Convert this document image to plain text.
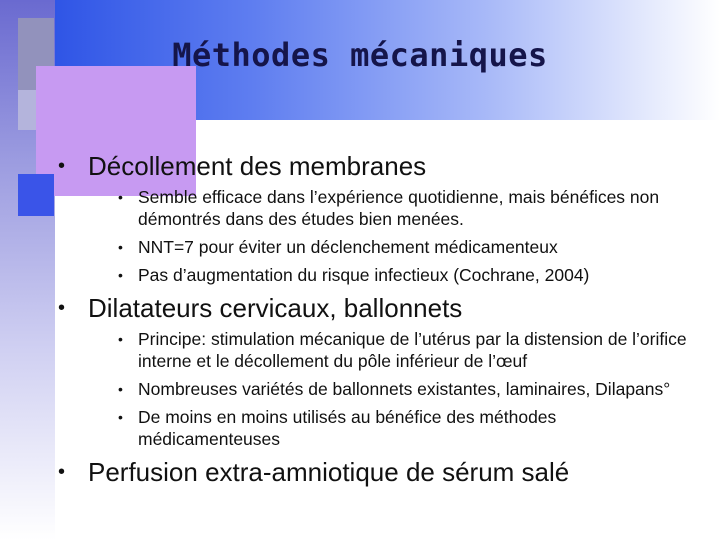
Méthodes mécaniques
• Décollement des membranes
• Semble efficace dans l’expérience quotidienne, mais bénéfices non démontrés dans des études bien menées.
• NNT=7 pour éviter un déclenchement médicamenteux
• Pas d’augmentation du risque infectieux (Cochrane, 2004)
• Dilatateurs cervicaux, ballonnets
• Principe: stimulation mécanique de l’utérus par la distension de l’orifice interne et le décollement du pôle inférieur de l’œuf
• Nombreuses variétés de ballonnets existantes, laminaires, Dilapans°
• De moins en moins utilisés au bénéfice des méthodes médicamenteuses
• Perfusion extra-amniotique de sérum salé
